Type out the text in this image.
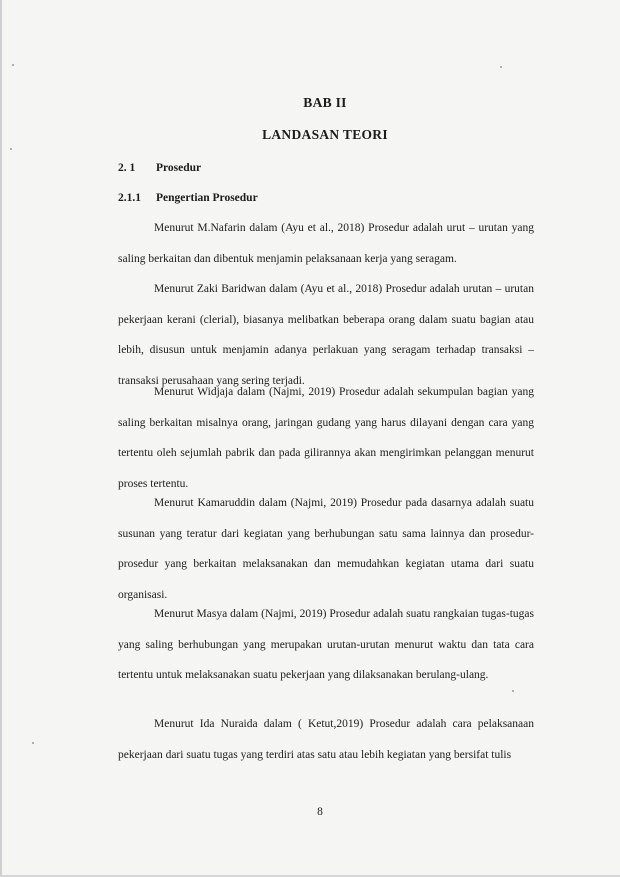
BAB II
LANDASAN TEORI
2. 1 Prosedur
2.1.1 Pengertian Prosedur

Menurut M.Nafarin dalam (Ayu et al., 2018) Prosedur adalah urut – urutan yang saling berkaitan dan dibentuk menjamin pelaksanaan kerja yang seragam.

Menurut Zaki Baridwan dalam (Ayu et al., 2018) Prosedur adalah urutan – urutan pekerjaan kerani (clerial), biasanya melibatkan beberapa orang dalam suatu bagian atau lebih, disusun untuk menjamin adanya perlakuan yang seragam terhadap transaksi – transaksi perusahaan yang sering terjadi.

Menurut Widjaja dalam (Najmi, 2019) Prosedur adalah sekumpulan bagian yang saling berkaitan misalnya orang, jaringan gudang yang harus dilayani dengan cara yang tertentu oleh sejumlah pabrik dan pada gilirannya akan mengirimkan pelanggan menurut proses tertentu.

Menurut Kamaruddin dalam (Najmi, 2019) Prosedur pada dasarnya adalah suatu susunan yang teratur dari kegiatan yang berhubungan satu sama lainnya dan prosedur-prosedur yang berkaitan melaksanakan dan memudahkan kegiatan utama dari suatu organisasi.

Menurut Masya dalam (Najmi, 2019) Prosedur adalah suatu rangkaian tugas-tugas yang saling berhubungan yang merupakan urutan-urutan menurut waktu dan tata cara tertentu untuk melaksanakan suatu pekerjaan yang dilaksanakan berulang-ulang.

Menurut Ida Nuraida dalam ( Ketut,2019) Prosedur adalah cara pelaksanaan pekerjaan dari suatu tugas yang terdiri atas satu atau lebih kegiatan yang bersifat tulis

8
